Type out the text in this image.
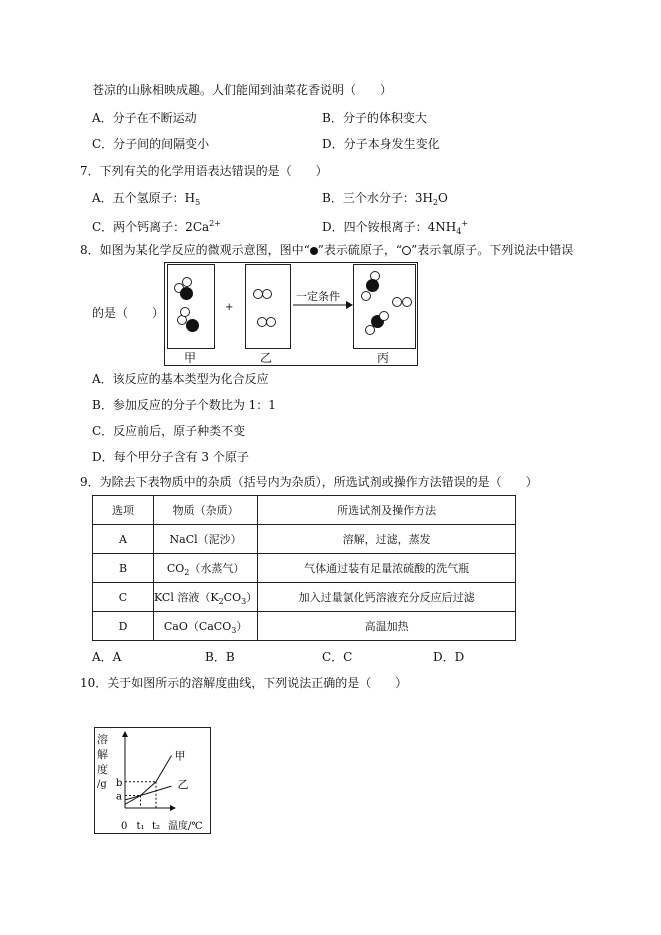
苍凉的山脉相映成趣。人们能闻到油菜花香说明（　　）
A．分子在不断运动	B．分子的体积变大
C．分子间的间隔变小	D．分子本身发生变化
7．下列有关的化学用语表达错误的是（　　）
A．五个氢原子：$H_5$	B．三个水分子：$3H_2O$
C．两个钙离子：$2Ca^{2+}$	D．四个铵根离子：$4NH_4^+$
8．如图为某化学反应的微观示意图，图中“ ”表示硫原子，“ ”表示氧原子。下列说法中错误
的是（　　）
甲
+
乙
一定条件
丙
A．该反应的基本类型为化合反应
B．参加反应的分子个数比为 1：1
C．反应前后，原子种类不变
D．每个甲分子含有 3 个原子
9．为除去下表物质中的杂质（括号内为杂质），所选试剂或操作方法错误的是（　　）
选项	物质（杂质）	所选试剂及操作方法
A	NaCl（泥沙）	溶解，过滤，蒸发
B	$CO_2$（水蒸气）	气体通过装有足量浓硫酸的洗气瓶
C	KCl 溶液$(K_2CO_3)$	加入过量氯化钙溶液充分反应后过滤
D	CaO（CaCO$_3$）	高温加热
A．A	B．B	C．C	D．D
10．关于如图所示的溶解度曲线，下列说法正确的是（　　）
甲
乙
b
a
0 t₁ t₂ 温度/℃
溶
解
度
/g
